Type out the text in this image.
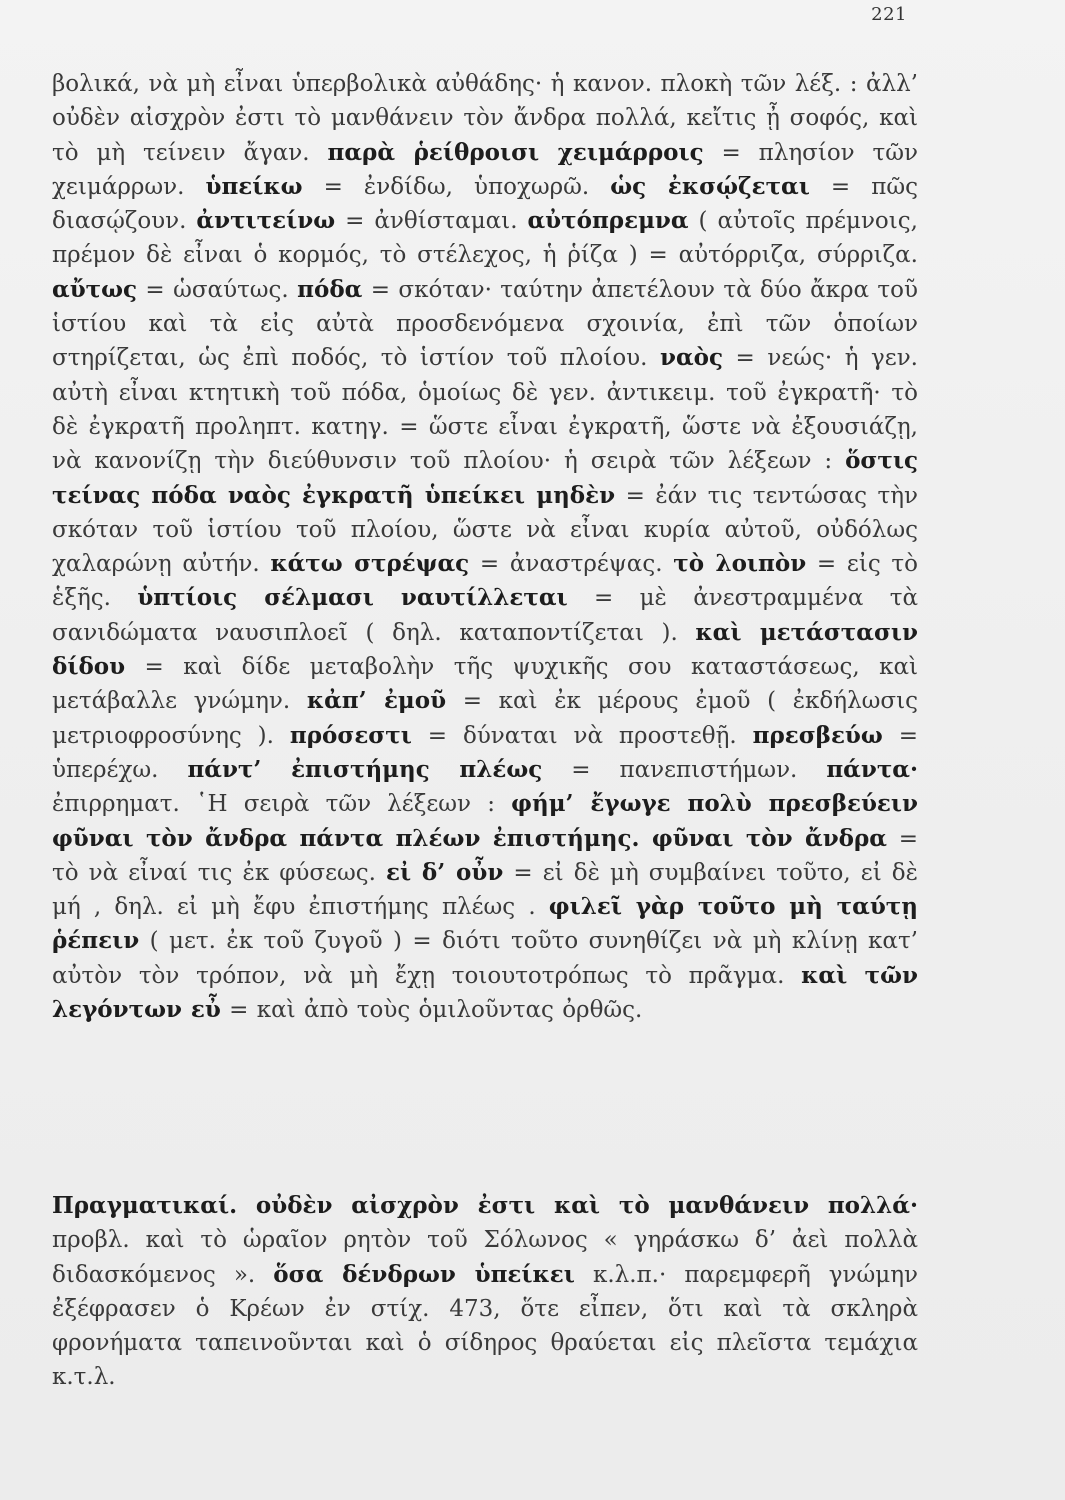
221
βολικά, νὰ μὴ εἶναι ὑπερβολικὰ αὐθάδης· ἡ κανον. πλοκὴ τῶν λέξ. : ἀλλ’ οὐδὲν αἰσχρὸν ἐστι τὸ μανθάνειν τὸν ἄνδρα πολλά, κεἴτις ᾖ σοφός, καὶ τὸ μὴ τείνειν ἄγαν. παρὰ ῥείθροισι χειμάρροις = πλησίον τῶν χειμάρρων. ὑπείκω = ἐνδίδω, ὑποχωρῶ. ὡς ἐκσῴζεται = πῶς διασῴζουν. ἀντιτείνω = ἀνθίσταμαι. αὐτόπρεμνα ( αὐτοῖς πρέμνοις, πρέμον δὲ εἶναι ὁ κορμός, τὸ στέλεχος, ἡ ῥίζα ) = αὐτόρριζα, σύρριζα. αὔτως = ὡσαύτως. πόδα = σκόταν· ταύτην ἀπετέλουν τὰ δύο ἄκρα τοῦ ἱστίου καὶ τὰ εἰς αὐτὰ προσδενόμενα σχοινία, ἐπὶ τῶν ὁποίων στηρίζεται, ὡς ἐπὶ ποδός, τὸ ἱστίον τοῦ πλοίου. ναὸς = νεώς· ἡ γεν. αὐτὴ εἶναι κτητικὴ τοῦ πόδα, ὁμοίως δὲ γεν. ἀντικειμ. τοῦ ἐγκρατῆ· τὸ δὲ ἐγκρατῆ προληπτ. κατηγ. = ὥστε εἶναι ἐγκρατῆ, ὥστε νὰ ἐξουσιάζῃ, νὰ κανονίζῃ τὴν διεύθυνσιν τοῦ πλοίου· ἡ σειρὰ τῶν λέξεων : ὅστις τείνας πόδα ναὸς ἐγκρατῆ ὑπείκει μηδὲν = ἐάν τις τεντώσας τὴν σκόταν τοῦ ἱστίου τοῦ πλοίου, ὥστε νὰ εἶναι κυρία αὐτοῦ, οὐδόλως χαλαρώνῃ αὐτήν. κάτω στρέψας = ἀναστρέψας. τὸ λοιπὸν = εἰς τὸ ἑξῆς. ὑπτίοις σέλμασι ναυτίλλεται = μὲ ἀνεστραμμένα τὰ σανιδώματα ναυσιπλοεῖ ( δηλ. καταποντίζεται ). καὶ μετάστασιν δίδου = καὶ δίδε μεταβολὴν τῆς ψυχικῆς σου καταστάσεως, καὶ μετάβαλλε γνώμην. κἀπ’ ἐμοῦ = καὶ ἐκ μέρους ἐμοῦ ( ἐκδήλωσις μετριοφροσύνης ). πρόσεστι = δύναται νὰ προστεθῇ. πρεσβεύω = ὑπερέχω. πάντ’ ἐπιστήμης πλέως = πανεπιστήμων. πάντα· ἐπιρρηματ. ῾Η σειρὰ τῶν λέξεων : φήμ’ ἔγωγε πολὺ πρεσβεύειν φῦναι τὸν ἄνδρα πάντα πλέων ἐπιστήμης. φῦναι τὸν ἄνδρα = τὸ νὰ εἶναί τις ἐκ φύσεως. εἰ δ’ οὖν = εἰ δὲ μὴ συμβαίνει τοῦτο, εἰ δὲ μή , δηλ. εἰ μὴ ἔφυ ἐπιστήμης πλέως . φιλεῖ γὰρ τοῦτο μὴ ταύτῃ ῥέπειν ( μετ. ἐκ τοῦ ζυγοῦ ) = διότι τοῦτο συνηθίζει νὰ μὴ κλίνῃ κατ’ αὐτὸν τὸν τρόπον, νὰ μὴ ἔχῃ τοιουτοτρόπως τὸ πρᾶγμα. καὶ τῶν λεγόντων εὖ = καὶ ἀπὸ τοὺς ὁμιλοῦντας ὀρθῶς.
Πραγματικαί. οὐδὲν αἰσχρὸν ἐστι καὶ τὸ μανθάνειν πολλά· προβλ. καὶ τὸ ὡραῖον ρητὸν τοῦ Σόλωνος « γηράσκω δ’ ἀεὶ πολλὰ διδασκόμενος ». ὅσα δένδρων ὑπείκει κ.λ.π.· παρεμφερῆ γνώμην ἐξέφρασεν ὁ Κρέων ἐν στίχ. 473, ὅτε εἶπεν, ὅτι καὶ τὰ σκληρὰ φρονήματα ταπεινοῦνται καὶ ὁ σίδηρος θραύεται εἰς πλεῖστα τεμάχια κ.τ.λ.
